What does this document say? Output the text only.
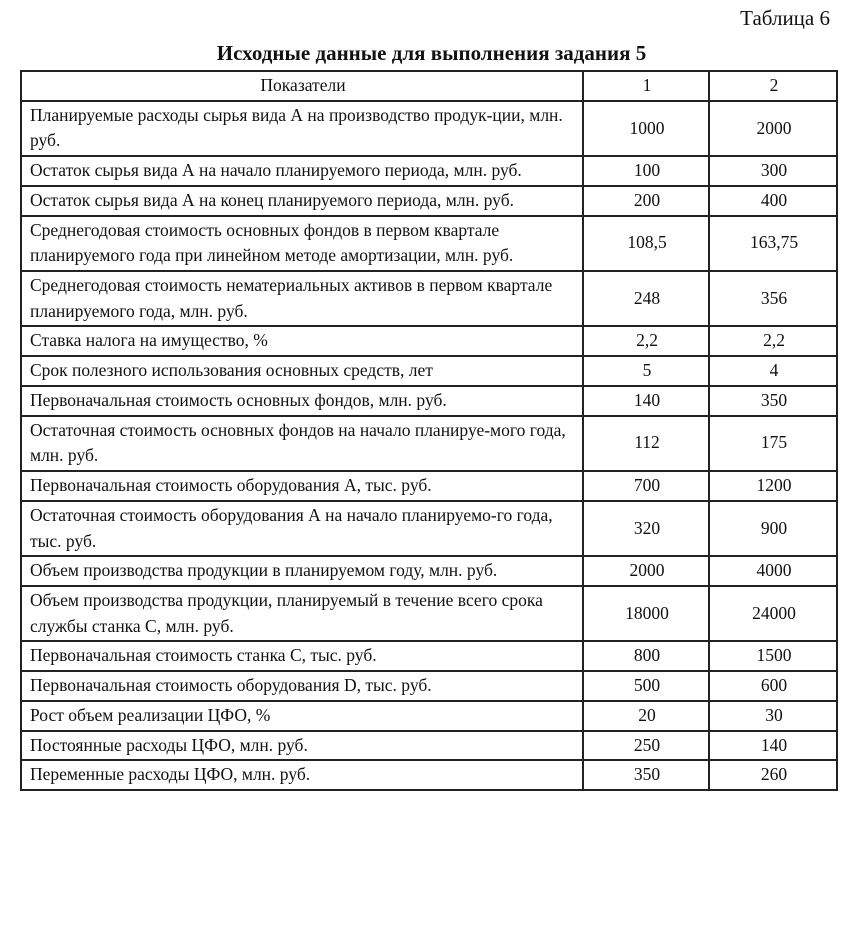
Таблица 6
Исходные данные для выполнения задания 5
Показатели	1	2
Планируемые расходы сырья вида А на производство продук-ции, млн. руб.	1000	2000
Остаток сырья вида А на начало планируемого периода, млн. руб.	100	300
Остаток сырья вида А на конец планируемого периода, млн. руб.	200	400
Среднегодовая стоимость основных фондов в первом квартале планируемого года при линейном методе амортизации, млн. руб.	108,5	163,75
Среднегодовая стоимость нематериальных активов в первом квартале планируемого года, млн. руб.	248	356
Ставка налога на имущество, %	2,2	2,2
Срок полезного использования основных средств, лет	5	4
Первоначальная стоимость основных фондов, млн. руб.	140	350
Остаточная стоимость основных фондов на начало планируе-мого года, млн. руб.	112	175
Первоначальная стоимость оборудования А, тыс. руб.	700	1200
Остаточная стоимость оборудования А на начало планируемо-го года, тыс. руб.	320	900
Объем производства продукции в планируемом году, млн. руб.	2000	4000
Объем производства продукции, планируемый в течение всего срока службы станка С, млн. руб.	18000	24000
Первоначальная стоимость станка С, тыс. руб.	800	1500
Первоначальная стоимость оборудования D, тыс. руб.	500	600
Рост объем реализации ЦФО, %	20	30
Постоянные расходы ЦФО, млн. руб.	250	140
Переменные расходы ЦФО, млн. руб.	350	260
